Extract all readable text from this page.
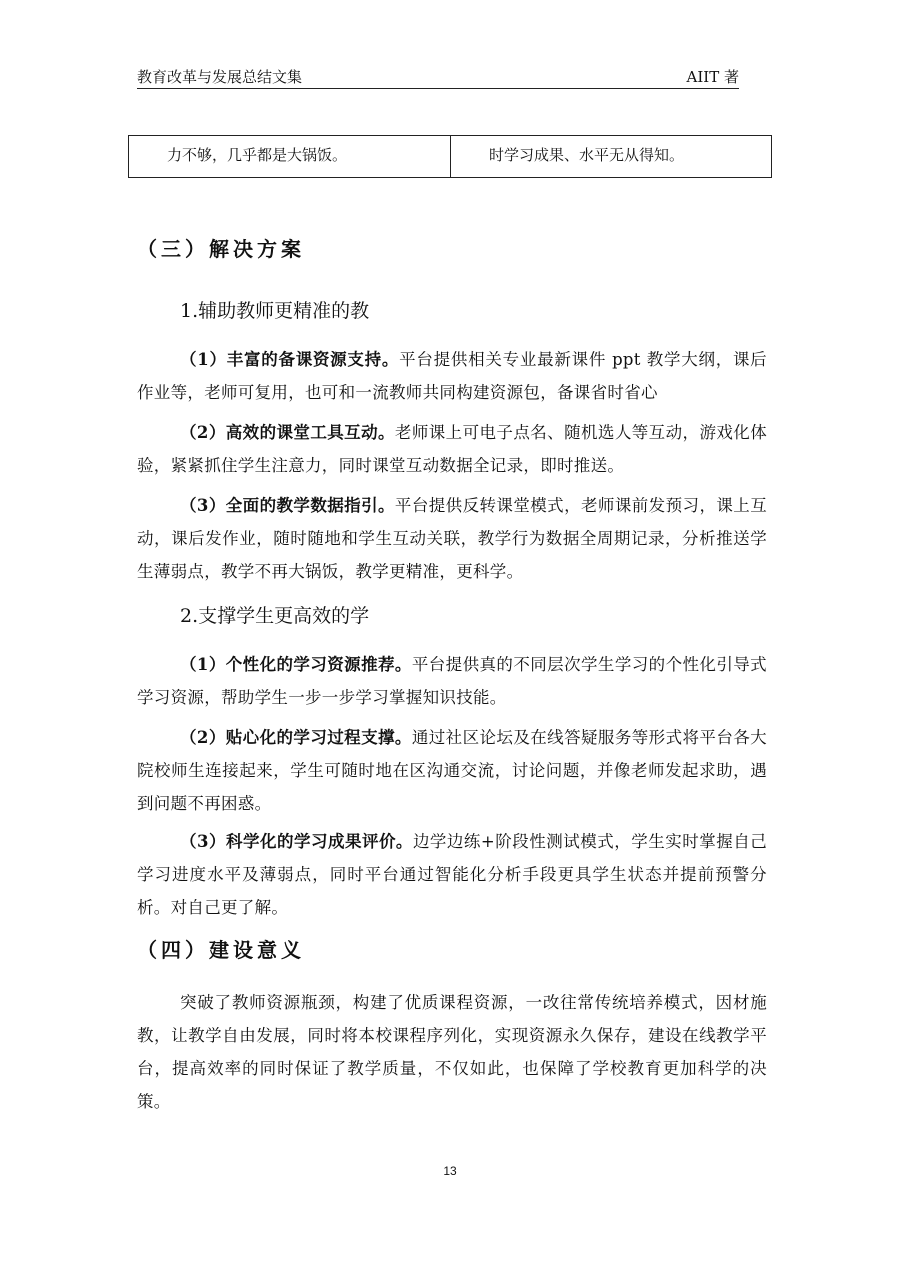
教育改革与发展总结文集	AIIT 著
力不够，几乎都是大锅饭。	时学习成果、水平无从得知。
（三）解决方案
1.辅助教师更精准的教
（1）丰富的备课资源支持。平台提供相关专业最新课件 ppt 教学大纲，课后作业等，老师可复用，也可和一流教师共同构建资源包，备课省时省心
（2）高效的课堂工具互动。老师课上可电子点名、随机选人等互动，游戏化体验，紧紧抓住学生注意力，同时课堂互动数据全记录，即时推送。
（3）全面的教学数据指引。平台提供反转课堂模式，老师课前发预习，课上互动，课后发作业，随时随地和学生互动关联，教学行为数据全周期记录，分析推送学生薄弱点，教学不再大锅饭，教学更精准，更科学。
2.支撑学生更高效的学
（1）个性化的学习资源推荐。平台提供真的不同层次学生学习的个性化引导式学习资源，帮助学生一步一步学习掌握知识技能。
（2）贴心化的学习过程支撑。通过社区论坛及在线答疑服务等形式将平台各大院校师生连接起来，学生可随时地在区沟通交流，讨论问题，并像老师发起求助，遇到问题不再困惑。
（3）科学化的学习成果评价。边学边练+阶段性测试模式，学生实时掌握自己学习进度水平及薄弱点，同时平台通过智能化分析手段更具学生状态并提前预警分析。对自己更了解。
（四）建设意义
突破了教师资源瓶颈，构建了优质课程资源，一改往常传统培养模式，因材施教，让教学自由发展，同时将本校课程序列化，实现资源永久保存，建设在线教学平台，提高效率的同时保证了教学质量，不仅如此，也保障了学校教育更加科学的决策。
13
